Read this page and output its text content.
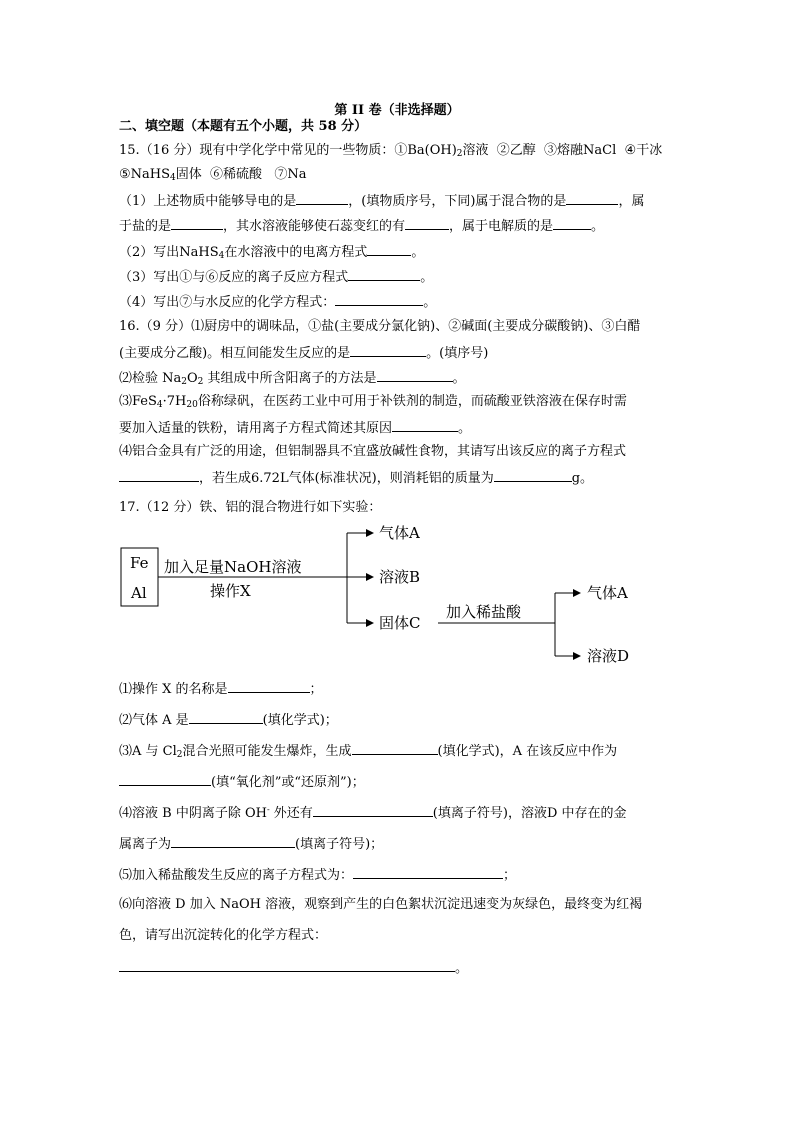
第 II 卷（非选择题）
二、填空题（本题有五个小题，共 58 分）
15.（16 分）现有中学化学中常见的一些物质：$①Ba(OH)_2$溶液  ②乙醇  ③熔融NaCl  ④干冰
⑤NaHS$_4$固体  ⑥稀硫酸   ⑦Na
（1）上述物质中能够导电的是	，(填物质序号，下同)属于混合物的是	，属
于盐的是	，其水溶液能够使石蕊变红的有	，属于电解质的是	。
（2）写出NaHS$_4$在水溶液中的电离方程式	。
（3）写出①与⑥反应的离子反应方程式	。
（4）写出⑦与水反应的化学方程式：	。
16.（9 分）⑴厨房中的调味品，①盐(主要成分氯化钠)、②碱面(主要成分碳酸钠)、③白醋
(主要成分乙酸)。相互间能发生反应的是	。(填序号)
⑵检验 $Na_2O_2$ 其组成中所含阳离子的方法是	。
$⑶FeS_4\cdot 7H_{20}$俗称绿矾，在医药工业中可用于补铁剂的制造，而硫酸亚铁溶液在保存时需
要加入适量的铁粉，请用离子方程式简述其原因	。
⑷铝合金具有广泛的用途，但铝制器具不宜盛放碱性食物，其请写出该反应的离子方程式
，若生成6.72L气体(标准状况)，则消耗铝的质量为	g。
17.（12 分）铁、铝的混合物进行如下实验：
Fe
Al
加入足量NaOH溶液
操作X
气体A
溶液B
固体C
加入稀盐酸
气体A
溶液D
⑴操作 X 的名称是	；
⑵气体 A 是	(填化学式)；
⑶A 与 $Cl_2$混合光照可能发生爆炸，生成	(填化学式)，A 在该反应中作为
(填“氧化剂”或“还原剂”)；
⑷溶液 B 中阴离子除 OH- 外还有	(填离子符号)，溶液D 中存在的金
属离子为	(填离子符号)；
⑸加入稀盐酸发生反应的离子方程式为：	；
⑹向溶液 D 加入 NaOH 溶液，观察到产生的白色絮状沉淀迅速变为灰绿色，最终变为红褐
色，请写出沉淀转化的化学方程式：
。
